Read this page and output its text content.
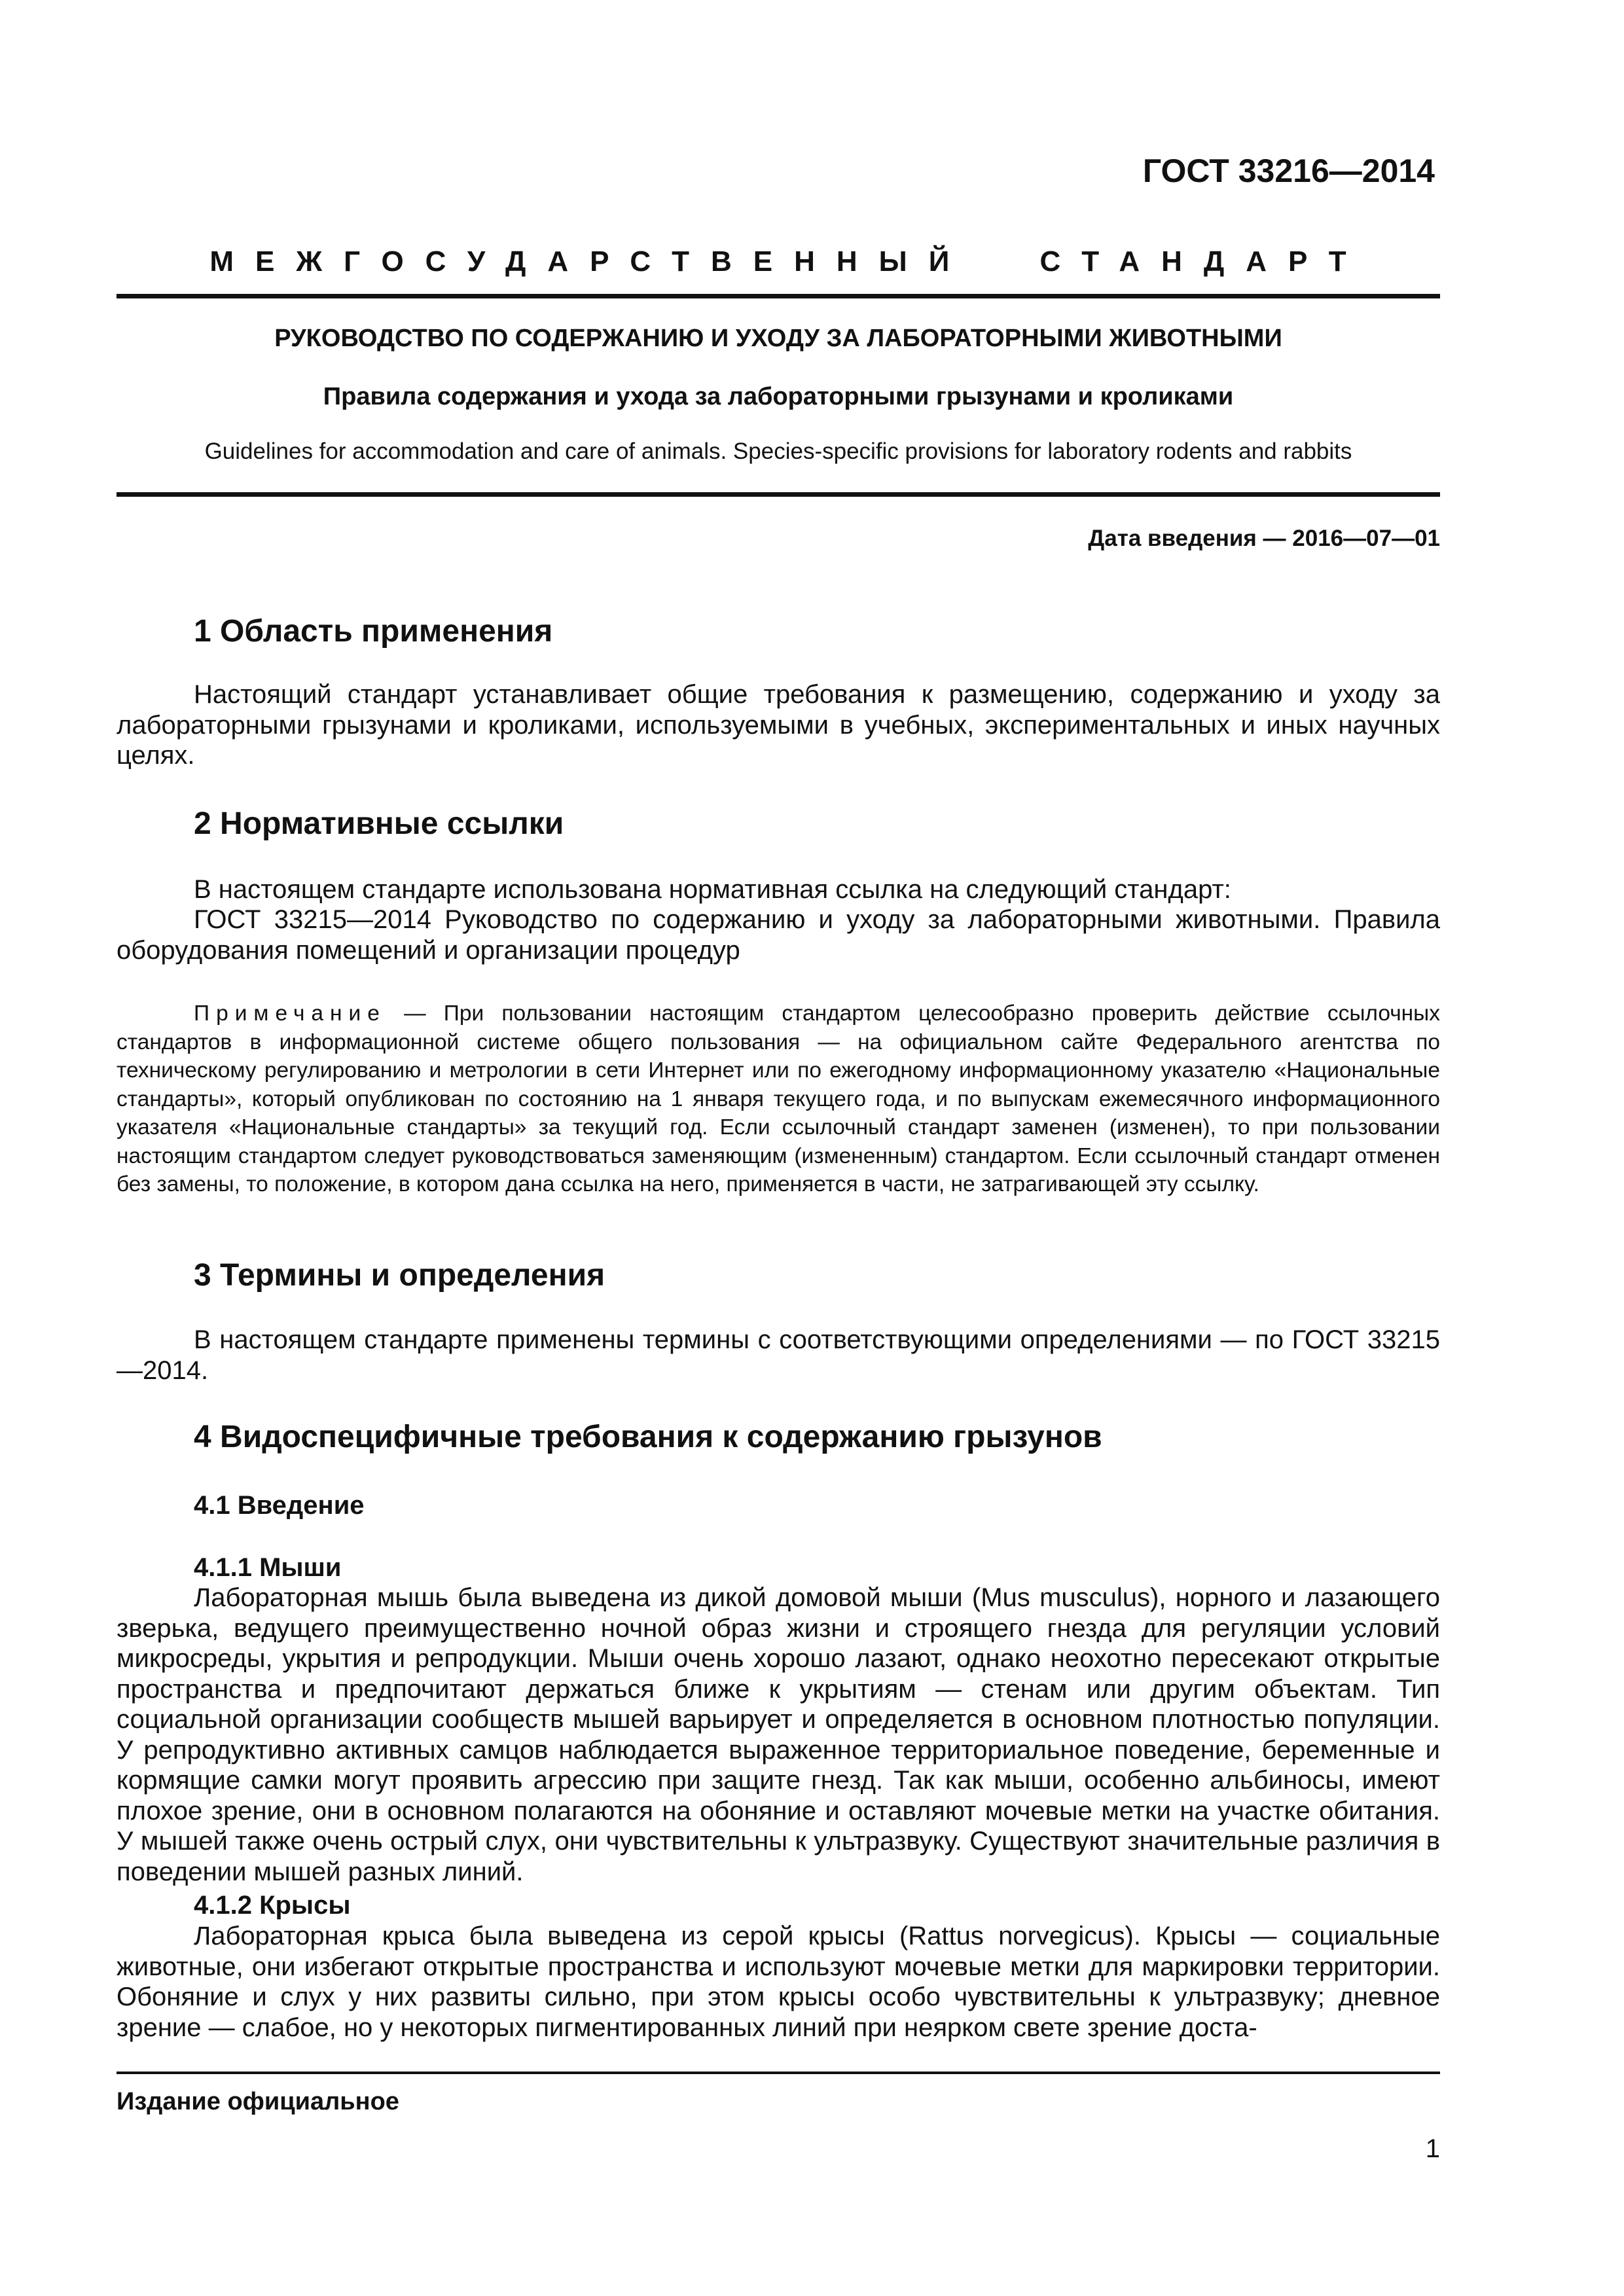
ГОСТ 33216—2014
МЕЖГОСУДАРСТВЕННЫЙ СТАНДАРТ
РУКОВОДСТВО ПО СОДЕРЖАНИЮ И УХОДУ ЗА ЛАБОРАТОРНЫМИ ЖИВОТНЫМИ
Правила содержания и ухода за лабораторными грызунами и кроликами
Guidelines for accommodation and care of animals. Species-specific provisions for laboratory rodents and rabbits
Дата введения — 2016—07—01
1 Область применения

Настоящий стандарт устанавливает общие требования к размещению, содержанию и уходу за лабораторными грызунами и кроликами, используемыми в учебных, экспериментальных и иных научных целях.

2 Нормативные ссылки

В настоящем стандарте использована нормативная ссылка на следующий стандарт:

ГОСТ 33215—2014 Руководство по содержанию и уходу за лабораторными животными. Правила оборудования помещений и организации процедур

Примечание — При пользовании настоящим стандартом целесообразно проверить действие ссылочных стандартов в информационной системе общего пользования — на официальном сайте Федерального агентства по техническому регулированию и метрологии в сети Интернет или по ежегодному информационному указателю «Национальные стандарты», который опубликован по состоянию на 1 января текущего года, и по выпускам ежемесячного информационного указателя «Национальные стандарты» за текущий год. Если ссылочный стандарт заменен (изменен), то при пользовании настоящим стандартом следует руководствоваться заменяющим (измененным) стандартом. Если ссылочный стандарт отменен без замены, то положение, в котором дана ссылка на него, применяется в части, не затрагивающей эту ссылку.

3 Термины и определения

В настоящем стандарте применены термины с соответствующими определениями — по ГОСТ 33215—2014.

4 Видоспецифичные требования к содержанию грызунов
4.1 Введение
4.1.1 Мыши

Лабораторная мышь была выведена из дикой домовой мыши (Mus musculus), норного и лазающего зверька, ведущего преимущественно ночной образ жизни и строящего гнезда для регуляции условий микросреды, укрытия и репродукции. Мыши очень хорошо лазают, однако неохотно пересекают открытые пространства и предпочитают держаться ближе к укрытиям — стенам или другим объектам. Тип социальной организации сообществ мышей варьирует и определяется в основном плотностью популяции. У репродуктивно активных самцов наблюдается выраженное территориальное поведение, беременные и кормящие самки могут проявить агрессию при защите гнезд. Так как мыши, особенно альбиносы, имеют плохое зрение, они в основном полагаются на обоняние и оставляют мочевые метки на участке обитания. У мышей также очень острый слух, они чувствительны к ультразвуку. Существуют значительные различия в поведении мышей разных линий.

4.1.2 Крысы

Лабораторная крыса была выведена из серой крысы (Rattus norvegicus). Крысы — социальные животные, они избегают открытые пространства и используют мочевые метки для маркировки территории. Обоняние и слух у них развиты сильно, при этом крысы особо чувствительны к ультразвуку; дневное зрение — слабое, но у некоторых пигментированных линий при неярком свете зрение доста-

Издание официальное
1
